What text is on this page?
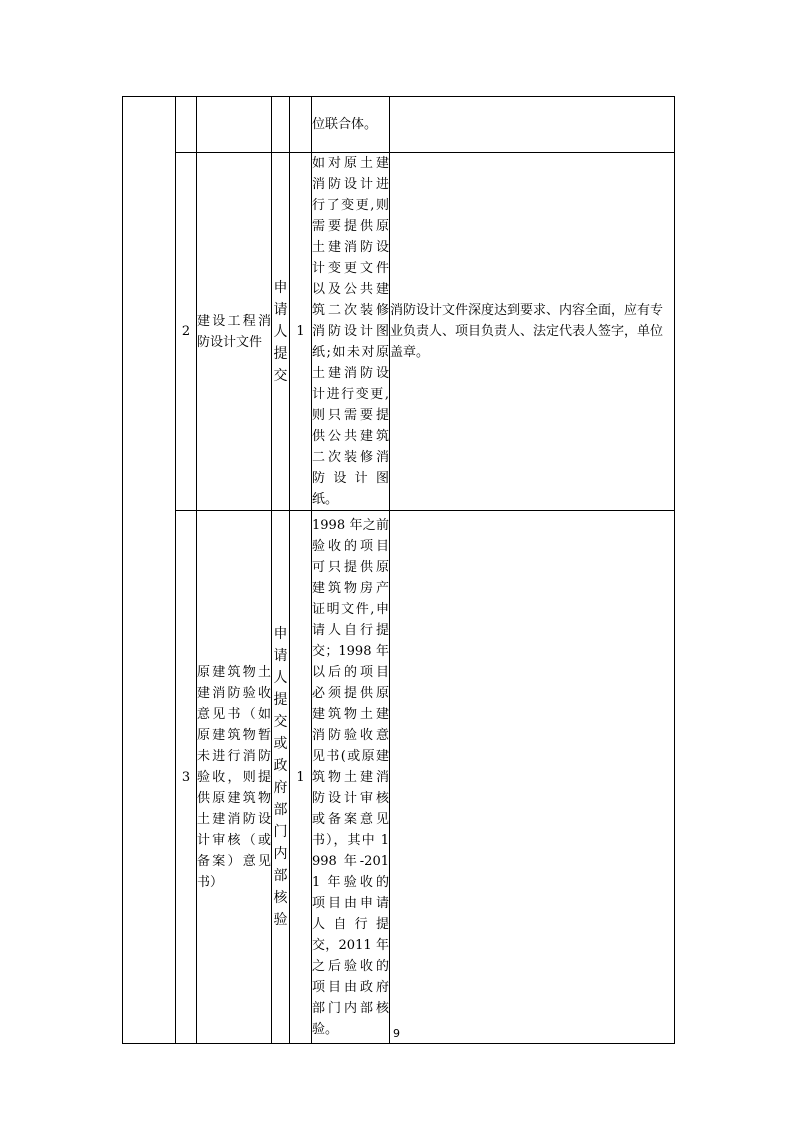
					位联合体。	
	2	建设工程消防设计文件	申请人提交	1	如对原土建消防设计进行了变更,则需要提供原土建消防设计变更文件以及公共建筑二次装修消防设计图纸;如未对原土建消防设计进行变更,则只需要提供公共建筑二次装修消防设计图纸。	消防设计文件深度达到要求、内容全面，应有专业负责人、项目负责人、法定代表人签字，单位盖章。
	3	原建筑物土建消防验收意见书（如原建筑物暂未进行消防验收，则提供原建筑物土建消防设计审核（或备案）意见书）	申请人提交或政府部门内部核验	1	1998 年之前验收的项目可只提供原建筑物房产证明文件,申请人自行提交；1998 年以后的项目必须提供原建筑物土建消防验收意见书(或原建筑物土建消防设计审核或备案意见书），其中 1998 年-2011 年验收的项目由申请人自行提交，2011 年之后验收的项目由政府部门内部核验。		9
